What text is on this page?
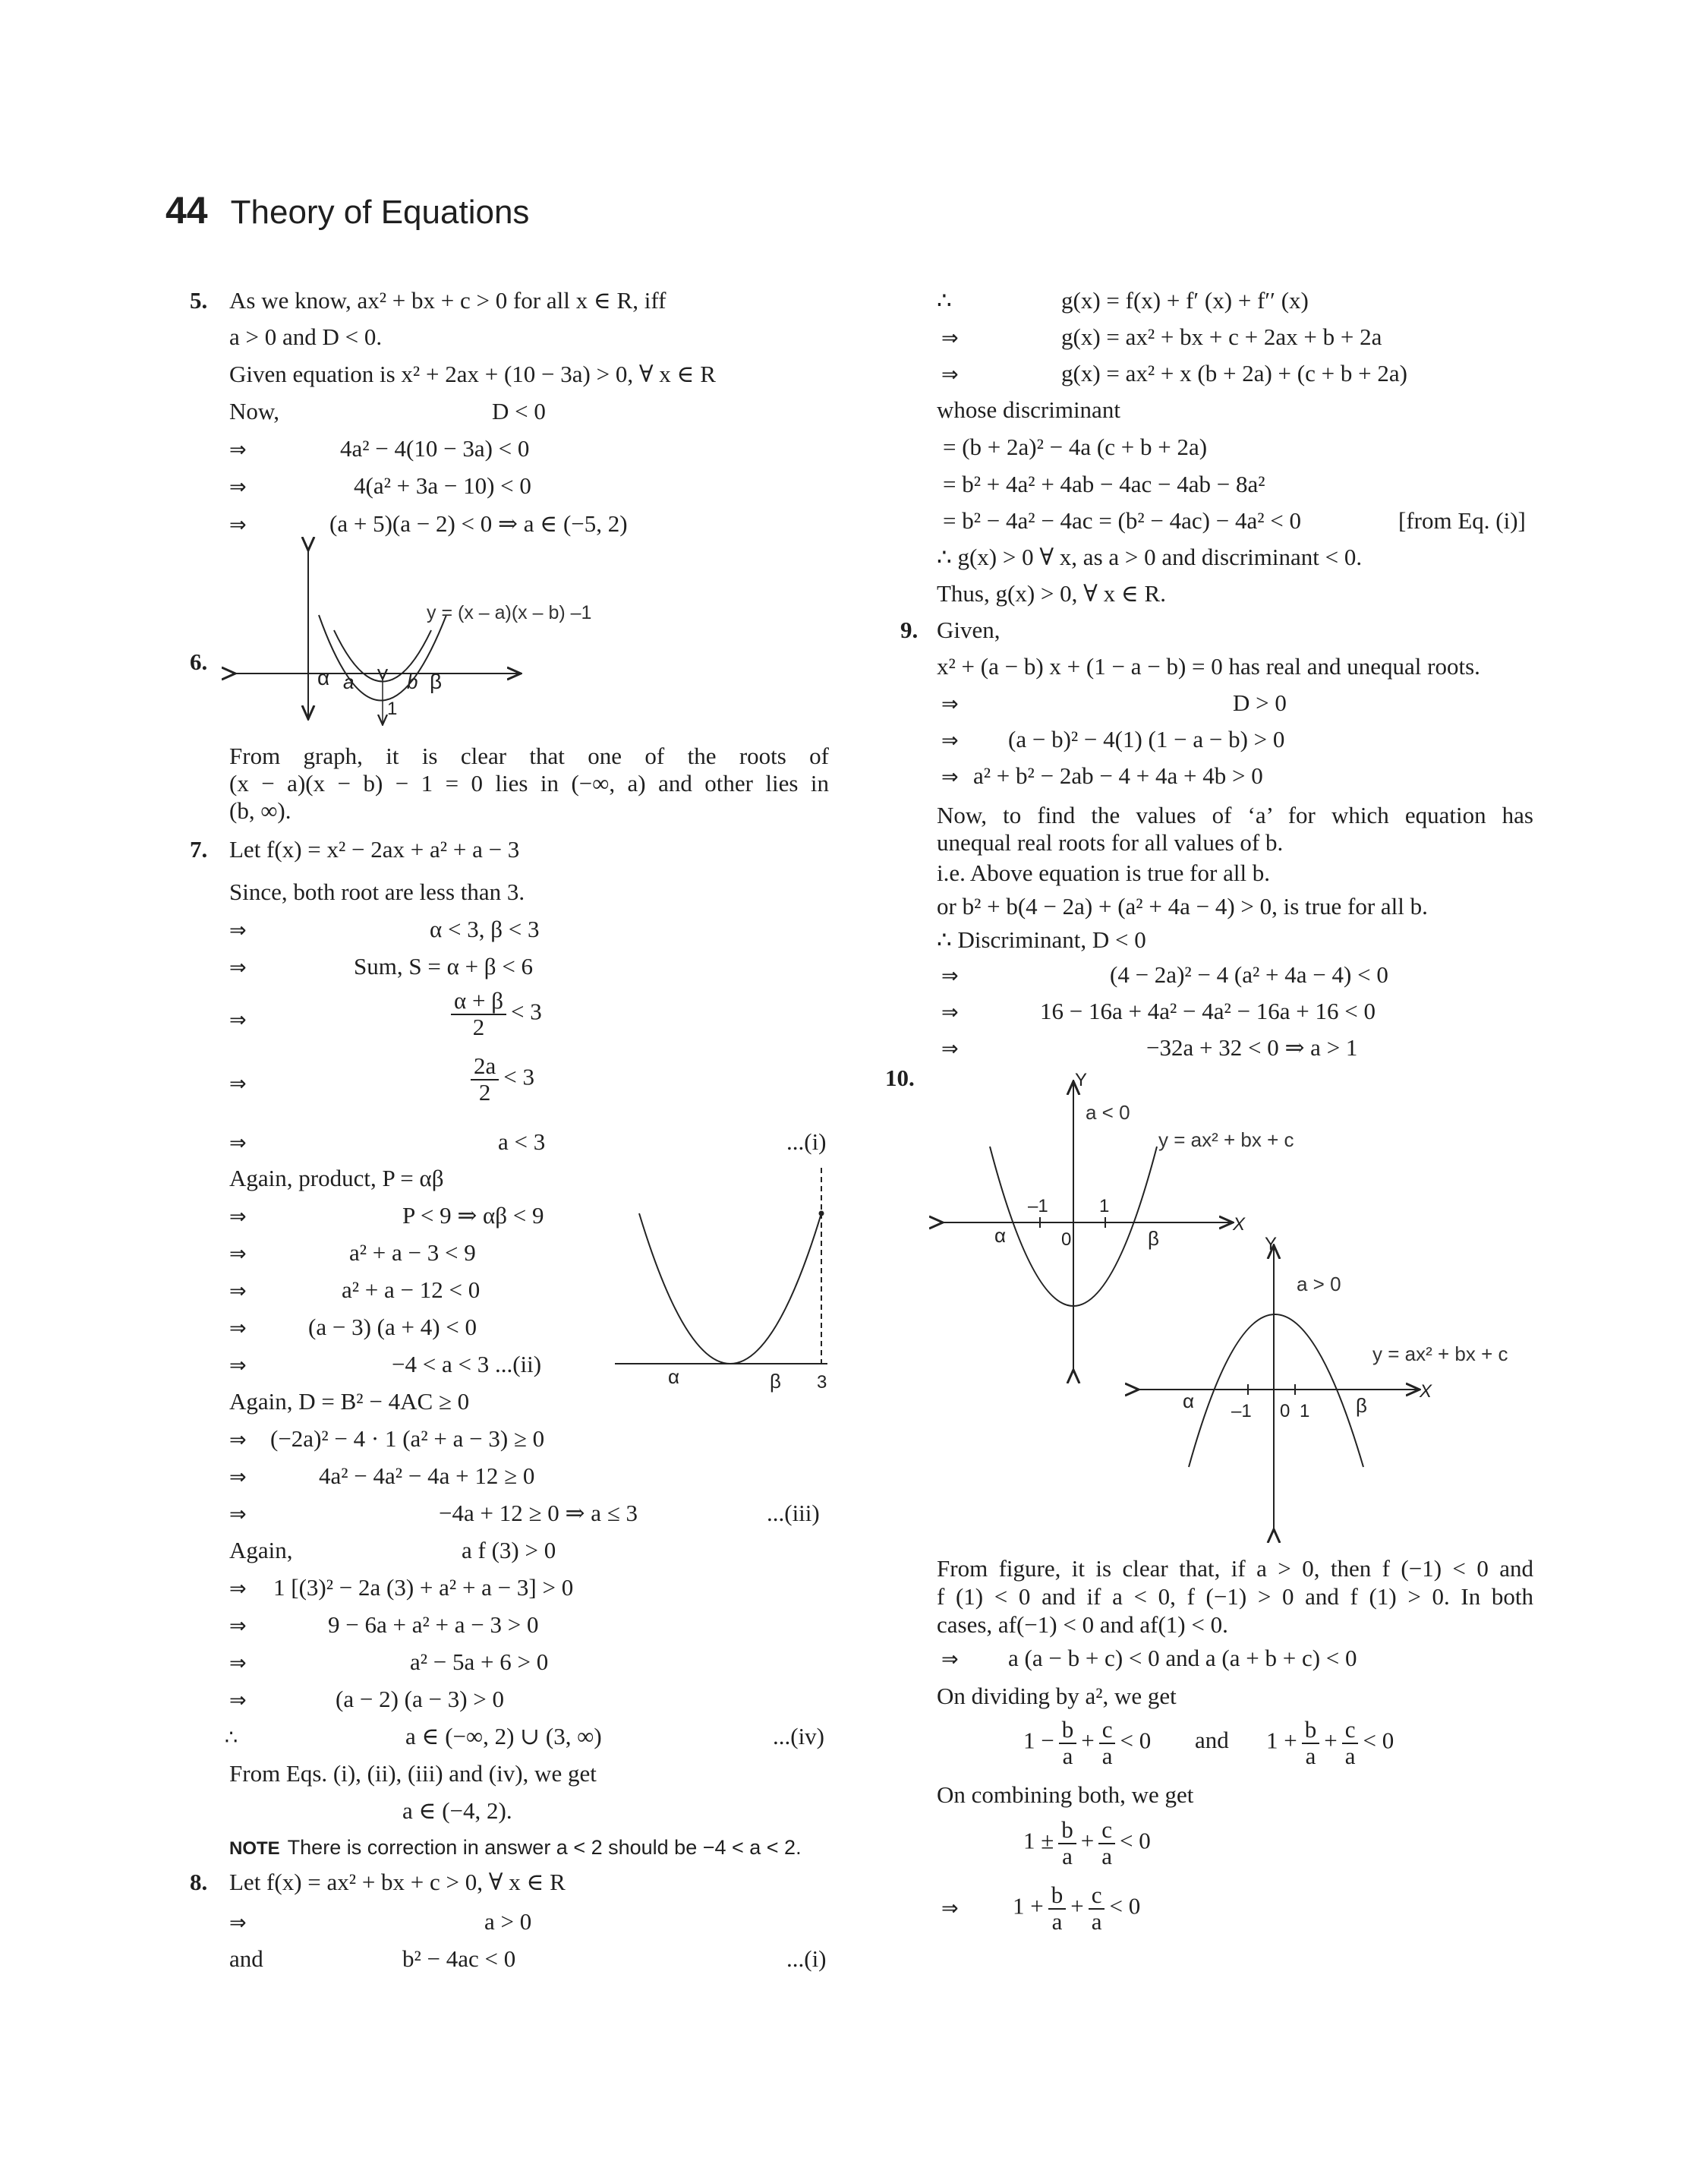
44 Theory of Equations
5. As we know, ax² + bx + c > 0 for all x ∈ R, iff
a > 0 and D < 0.
Given equation is x² + 2ax + (10 − 3a) > 0, ∀ x ∈ R
Now,	D < 0
⇒	4a² − 4(10 − 3a) < 0
⇒	4(a² + 3a − 10) < 0
⇒	(a + 5)(a − 2) < 0 ⇒ a ∈ (−5, 2)
6.
y = (x – a)(x – b) –1
α a	b β
1
From graph, it is clear that one of the roots of
(x − a)(x − b) − 1 = 0 lies in (−∞, a) and other lies in
(b, ∞).
7. Let f(x) = x² − 2ax + a² + a − 3
Since, both root are less than 3.
⇒	α < 3, β < 3
⇒	Sum, S = α + β < 6
⇒	$\frac{\alpha + \beta}{2} < 3$
⇒	$\frac{2a}{2} < 3$
⇒	a < 3	...(i)
Again, product, P = αβ
⇒	P < 9 ⇒ αβ < 9
⇒	a² + a − 3 < 9
⇒	a² + a − 12 < 0
⇒	(a − 3) (a + 4) < 0
⇒	−4 < a < 3 ...(ii)
Again, D = B² − 4AC ≥ 0
⇒	(−2a)² − 4 · 1 (a² + a − 3) ≥ 0
⇒	4a² − 4a² − 4a + 12 ≥ 0
⇒	−4a + 12 ≥ 0 ⇒ a ≤ 3	...(iii)
Again,	a f (3) > 0
⇒	1 [(3)² − 2a (3) + a² + a − 3] > 0
⇒	9 − 6a + a² + a − 3 > 0
⇒	a² − 5a + 6 > 0
⇒	(a − 2) (a − 3) > 0
∴	a ∈ (−∞, 2) ∪ (3, ∞)	...(iv)
From Eqs. (i), (ii), (iii) and (iv), we get
a ∈ (−4, 2).
NOTE There is correction in answer a < 2 should be −4 < a < 2.
α	β 3
8. Let f(x) = ax² + bx + c > 0, ∀ x ∈ R
⇒	a > 0
and	b² − 4ac < 0	...(i)
∴	g(x) = f(x) + f′ (x) + f′′ (x)
⇒	g(x) = ax² + bx + c + 2ax + b + 2a
⇒	g(x) = ax² + x (b + 2a) + (c + b + 2a)
whose discriminant
= (b + 2a)² − 4a (c + b + 2a)
= b² + 4a² + 4ab − 4ac − 4ab − 8a²
= b² − 4a² − 4ac = (b² − 4ac) − 4a² < 0	[from Eq. (i)]
∴ g(x) > 0 ∀ x, as a > 0 and discriminant < 0.
Thus, g(x) > 0, ∀ x ∈ R.
9. Given,
x² + (a − b) x + (1 − a − b) = 0 has real and unequal roots.
⇒	D > 0
⇒	(a − b)² − 4(1) (1 − a − b) > 0
⇒ a² + b² − 2ab − 4 + 4a + 4b > 0
Now, to find the values of ‘a’ for which equation has
unequal real roots for all values of b.
i.e. Above equation is true for all b.
or b² + b(4 − 2a) + (a² + 4a − 4) > 0, is true for all b.
∴ Discriminant, D < 0
⇒	(4 − 2a)² − 4 (a² + 4a − 4) < 0
⇒	16 − 16a + 4a² − 4a² − 16a + 16 < 0
⇒	−32a + 32 < 0 ⇒ a > 1
10.	Y
a < 0
y = ax² + bx + c
–1	1
0
α	β
X
Y
a > 0
y = ax² + bx + c
–1 0 1
α	β
X
From figure, it is clear that, if a > 0, then f (−1) < 0 and
f (1) < 0 and if a < 0, f (−1) > 0 and f (1) > 0. In both
cases, af(−1) < 0 and af(1) < 0.
⇒	a (a − b + c) < 0 and a (a + b + c) < 0
On dividing by a², we get
$1 - \frac{b}{a} + \frac{c}{a} < 0$ and $1 + \frac{b}{a} + \frac{c}{a} < 0$
On combining both, we get
$1 \pm \frac{b}{a} + \frac{c}{a} < 0$
⇒	$1 + \frac{b}{a} + \frac{c}{a} < 0$
